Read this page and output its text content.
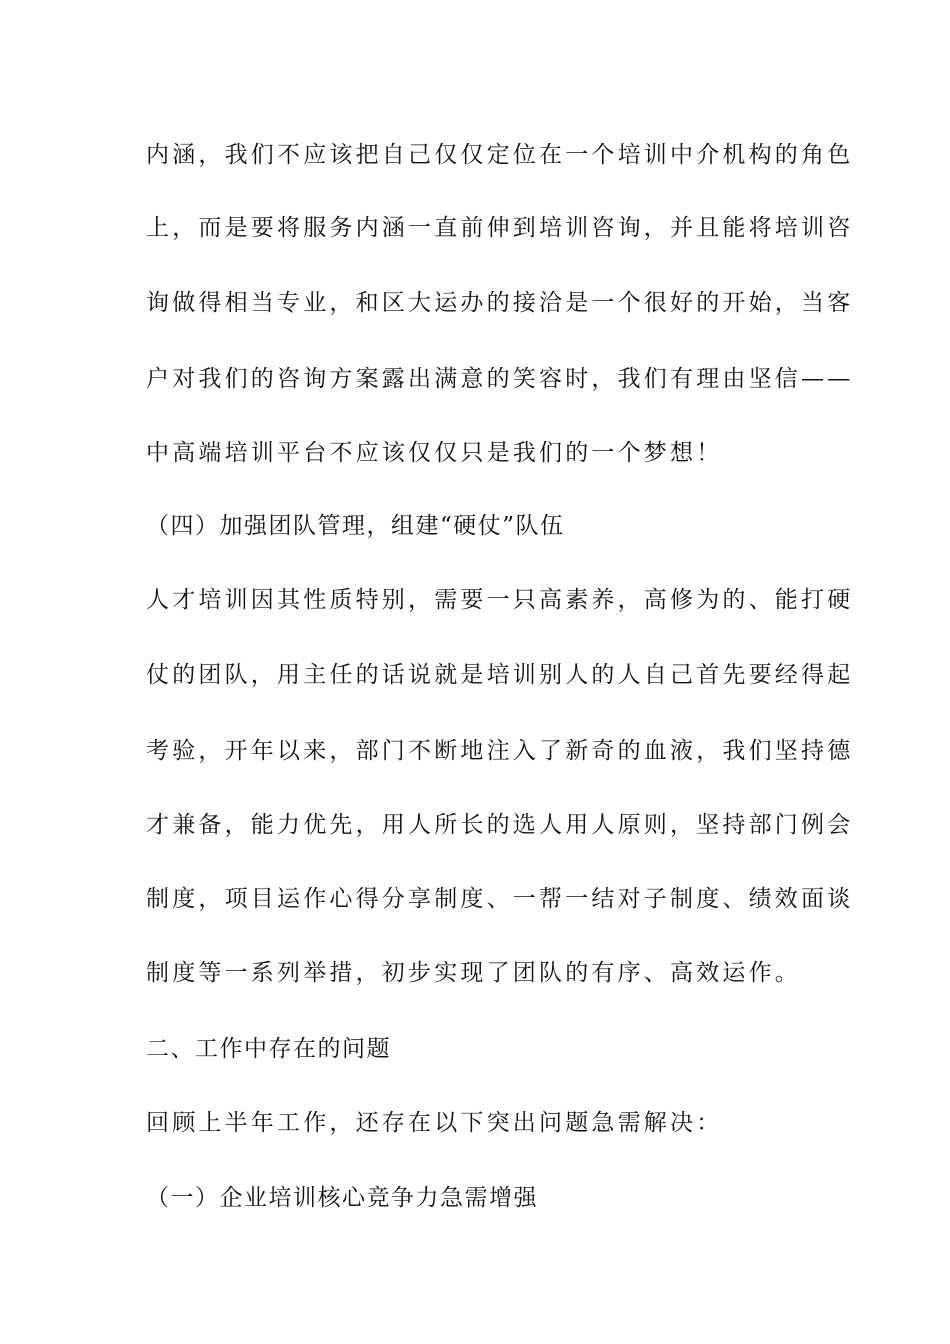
内涵，我们不应该把自己仅仅定位在一个培训中介机构的角色
上，而是要将服务内涵一直前伸到培训咨询，并且能将培训咨
询做得相当专业，和区大运办的接洽是一个很好的开始，当客
户对我们的咨询方案露出满意的笑容时，我们有理由坚信——
中高端培训平台不应该仅仅只是我们的一个梦想！
（四）加强团队管理，组建“硬仗”队伍
人才培训因其性质特别，需要一只高素养，高修为的、能打硬
仗的团队，用主任的话说就是培训别人的人自己首先要经得起
考验，开年以来，部门不断地注入了新奇的血液，我们坚持德
才兼备，能力优先，用人所长的选人用人原则，坚持部门例会
制度，项目运作心得分享制度、一帮一结对子制度、绩效面谈
制度等一系列举措，初步实现了团队的有序、高效运作。
二、工作中存在的问题
回顾上半年工作，还存在以下突出问题急需解决：
（一）企业培训核心竞争力急需增强
